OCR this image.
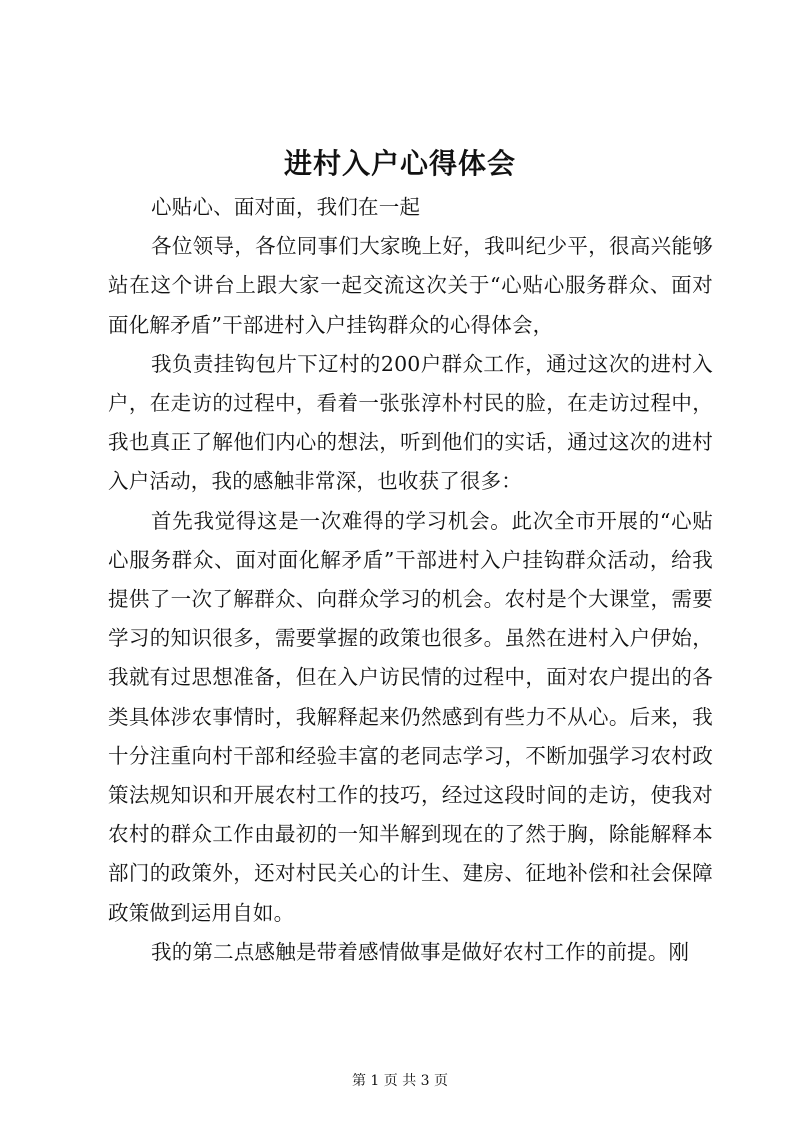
进村入户心得体会

心贴心、面对面，我们在一起

各位领导，各位同事们大家晚上好，我叫纪少平，很高兴能够站在这个讲台上跟大家一起交流这次关于“心贴心服务群众、面对面化解矛盾”干部进村入户挂钩群众的心得体会，

我负责挂钩包片下辽村的200户群众工作，通过这次的进村入户，在走访的过程中，看着一张张淳朴村民的脸，在走访过程中，我也真正了解他们内心的想法，听到他们的实话，通过这次的进村入户活动，我的感触非常深，也收获了很多：

首先我觉得这是一次难得的学习机会。此次全市开展的“心贴心服务群众、面对面化解矛盾”干部进村入户挂钩群众活动，给我提供了一次了解群众、向群众学习的机会。农村是个大课堂，需要学习的知识很多，需要掌握的政策也很多。虽然在进村入户伊始，我就有过思想准备，但在入户访民情的过程中，面对农户提出的各类具体涉农事情时，我解释起来仍然感到有些力不从心。后来，我十分注重向村干部和经验丰富的老同志学习，不断加强学习农村政策法规知识和开展农村工作的技巧，经过这段时间的走访，使我对农村的群众工作由最初的一知半解到现在的了然于胸，除能解释本部门的政策外，还对村民关心的计生、建房、征地补偿和社会保障政策做到运用自如。

我的第二点感触是带着感情做事是做好农村工作的前提。刚

第 1 页 共 3 页
